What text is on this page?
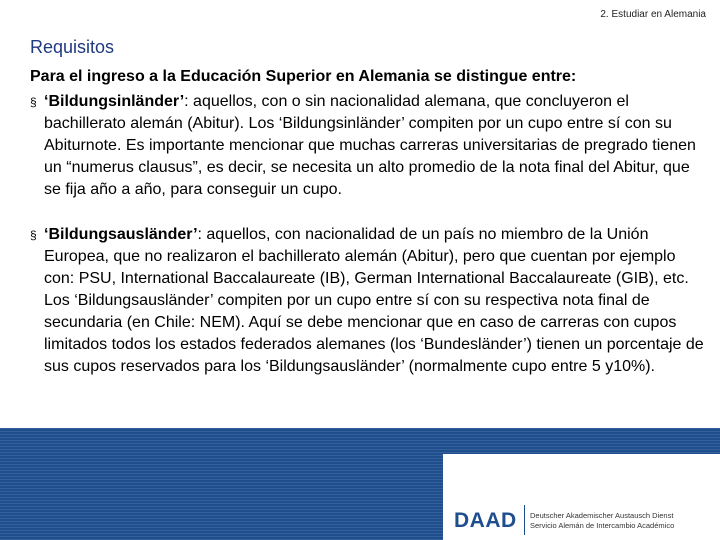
2. Estudiar en Alemania
Requisitos
Para el ingreso a la Educación Superior en Alemania se distingue entre:
§ ‘Bildungsinländer’: aquellos, con o sin nacionalidad alemana, que concluyeron el bachillerato alemán (Abitur). Los ‘Bildungsinländer’ compiten por un cupo entre sí con su Abiturnote. Es importante mencionar que muchas carreras universitarias de pregrado tienen un “numerus clausus”, es decir, se necesita un alto promedio de la nota final del Abitur, que se fija año a año, para conseguir un cupo.
§ ‘Bildungsausländer’: aquellos, con nacionalidad de un país no miembro de la Unión Europea, que no realizaron el bachillerato alemán (Abitur), pero que cuentan por ejemplo con: PSU, International Baccalaureate (IB), German International Baccalaureate (GIB), etc. Los ‘Bildungsausländer’ compiten por un cupo entre sí con su respectiva nota final de secundaria (en Chile: NEM). Aquí se debe mencionar que en caso de carreras con cupos limitados todos los estados federados alemanes (los ‘Bundesländer’) tienen un porcentaje de sus cupos reservados para los ‘Bildungsausländer’ (normalmente cupo entre 5 y10%).
DAAD Deutscher Akademischer Austausch Dienst
Servicio Alemán de Intercambio Académico
